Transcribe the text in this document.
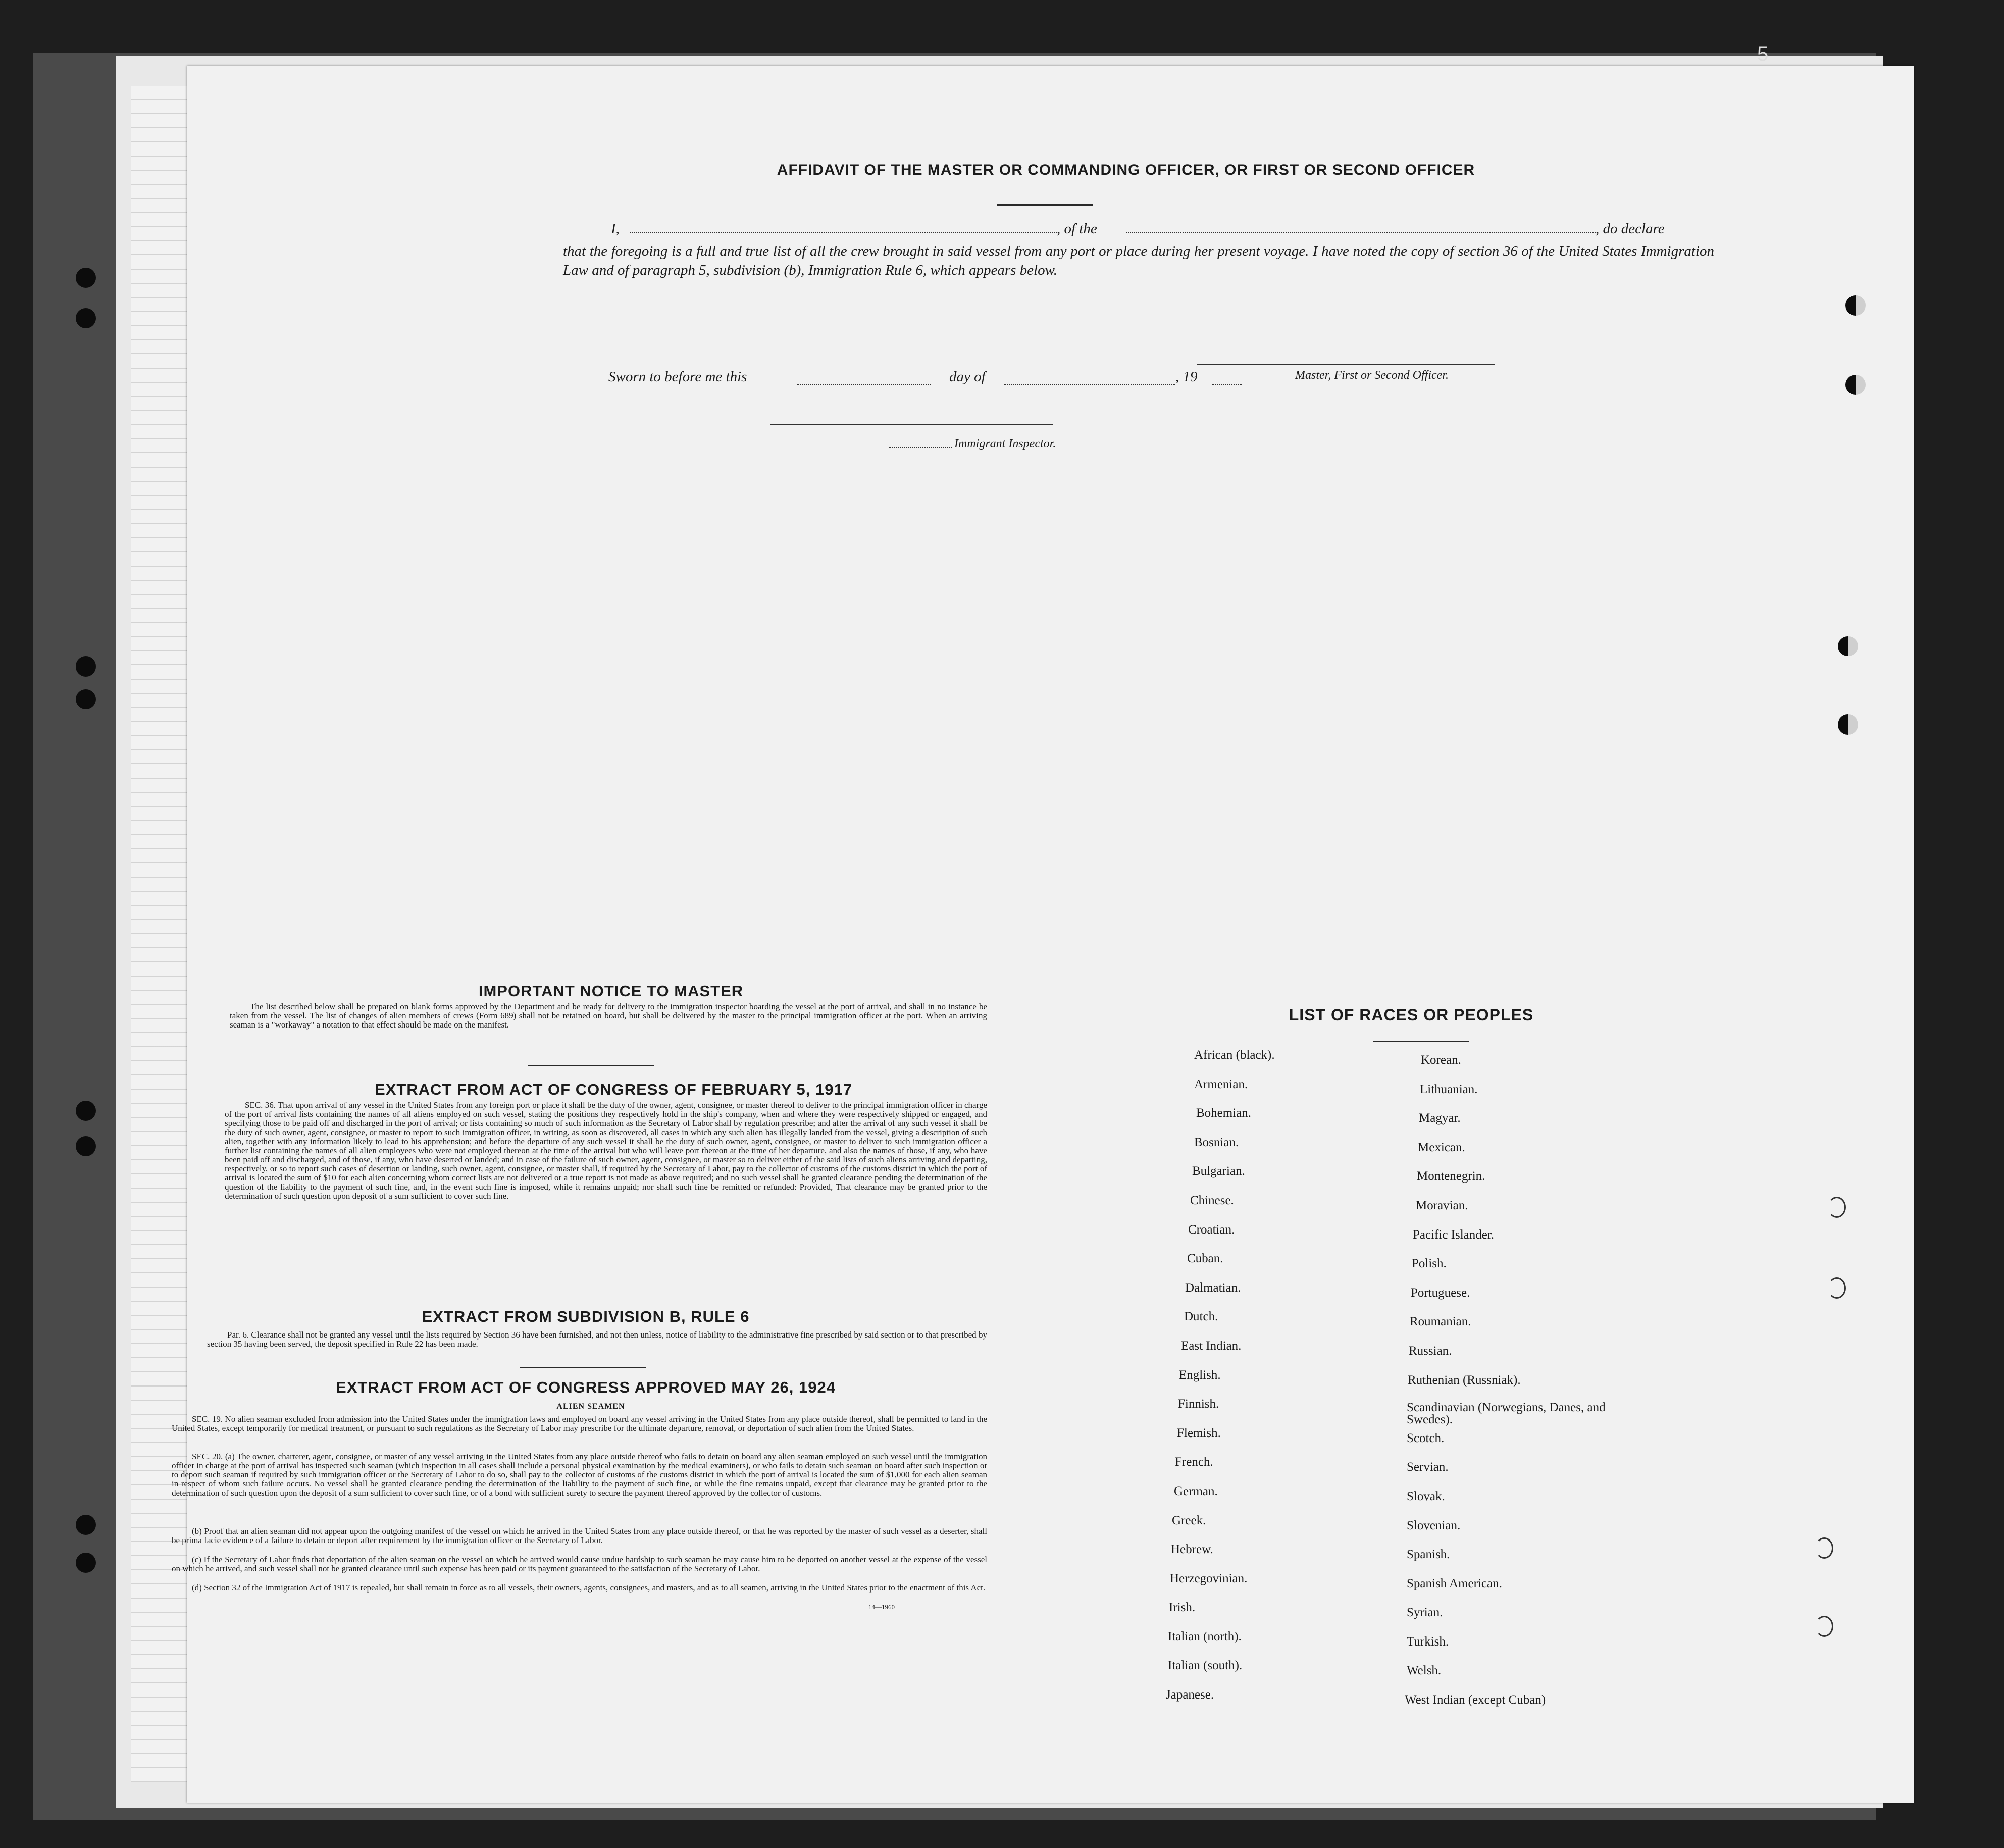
5
AFFIDAVIT OF THE MASTER OR COMMANDING OFFICER, OR FIRST OR SECOND OFFICER
I,	, of the	, do declare
that the foregoing is a full and true list of all the crew brought in said vessel from any port or place during her present voyage. I have noted the copy of section 36 of the United States Immigration Law and of paragraph 5, subdivision (b), Immigration Rule 6, which appears below.
Master, First or Second Officer.
Sworn to before me this	day of	, 19
Immigrant Inspector.
IMPORTANT NOTICE TO MASTER
The list described below shall be prepared on blank forms approved by the Department and be ready for delivery to the immigration inspector boarding the vessel at the port of arrival, and shall in no instance be taken from the vessel. The list of changes of alien members of crews (Form 689) shall not be retained on board, but shall be delivered by the master to the principal immigration officer at the port. When an arriving seaman is a "workaway" a notation to that effect should be made on the manifest.
EXTRACT FROM ACT OF CONGRESS OF FEBRUARY 5, 1917
SEC. 36. That upon arrival of any vessel in the United States from any foreign port or place it shall be the duty of the owner, agent, consignee, or master thereof to deliver to the principal immigration officer in charge of the port of arrival lists containing the names of all aliens employed on such vessel, stating the positions they respectively hold in the ship's company, when and where they were respectively shipped or engaged, and specifying those to be paid off and discharged in the port of arrival; or lists containing so much of such information as the Secretary of Labor shall by regulation prescribe; and after the arrival of any such vessel it shall be the duty of such owner, agent, consignee, or master to report to such immigration officer, in writing, as soon as discovered, all cases in which any such alien has illegally landed from the vessel, giving a description of such alien, together with any information likely to lead to his apprehension; and before the departure of any such vessel it shall be the duty of such owner, agent, consignee, or master to deliver to such immigration officer a further list containing the names of all alien employees who were not employed thereon at the time of the arrival but who will leave port thereon at the time of her departure, and also the names of those, if any, who have been paid off and discharged, and of those, if any, who have deserted or landed; and in case of the failure of such owner, agent, consignee, or master so to deliver either of the said lists of such aliens arriving and departing, respectively, or so to report such cases of desertion or landing, such owner, agent, consignee, or master shall, if required by the Secretary of Labor, pay to the collector of customs of the customs district in which the port of arrival is located the sum of $10 for each alien concerning whom correct lists are not delivered or a true report is not made as above required; and no such vessel shall be granted clearance pending the determination of the question of the liability to the payment of such fine, and, in the event such fine is imposed, while it remains unpaid; nor shall such fine be remitted or refunded: Provided, That clearance may be granted prior to the determination of such question upon deposit of a sum sufficient to cover such fine.
EXTRACT FROM SUBDIVISION B, RULE 6
Par. 6. Clearance shall not be granted any vessel until the lists required by Section 36 have been furnished, and not then unless, notice of liability to the administrative fine prescribed by said section or to that prescribed by section 35 having been served, the deposit specified in Rule 22 has been made.
EXTRACT FROM ACT OF CONGRESS APPROVED MAY 26, 1924
ALIEN SEAMEN
SEC. 19. No alien seaman excluded from admission into the United States under the immigration laws and employed on board any vessel arriving in the United States from any place outside thereof, shall be permitted to land in the United States, except temporarily for medical treatment, or pursuant to such regulations as the Secretary of Labor may prescribe for the ultimate departure, removal, or deportation of such alien from the United States.
SEC. 20. (a) The owner, charterer, agent, consignee, or master of any vessel arriving in the United States from any place outside thereof who fails to detain on board any alien seaman employed on such vessel until the immigration officer in charge at the port of arrival has inspected such seaman (which inspection in all cases shall include a personal physical examination by the medical examiners), or who fails to detain such seaman on board after such inspection or to deport such seaman if required by such immigration officer or the Secretary of Labor to do so, shall pay to the collector of customs of the customs district in which the port of arrival is located the sum of $1,000 for each alien seaman in respect of whom such failure occurs. No vessel shall be granted clearance pending the determination of the liability to the payment of such fine, or while the fine remains unpaid, except that clearance may be granted prior to the determination of such question upon the deposit of a sum sufficient to cover such fine, or of a bond with sufficient surety to secure the payment thereof approved by the collector of customs.
(b) Proof that an alien seaman did not appear upon the outgoing manifest of the vessel on which he arrived in the United States from any place outside thereof, or that he was reported by the master of such vessel as a deserter, shall be prima facie evidence of a failure to detain or deport after requirement by the immigration officer or the Secretary of Labor.
(c) If the Secretary of Labor finds that deportation of the alien seaman on the vessel on which he arrived would cause undue hardship to such seaman he may cause him to be deported on another vessel at the expense of the vessel on which he arrived, and such vessel shall not be granted clearance until such expense has been paid or its payment guaranteed to the satisfaction of the Secretary of Labor.
(d) Section 32 of the Immigration Act of 1917 is repealed, but shall remain in force as to all vessels, their owners, agents, consignees, and masters, and as to all seamen, arriving in the United States prior to the enactment of this Act.
14—1960
LIST OF RACES OR PEOPLES
African (black).
Armenian.
Bohemian.
Bosnian.
Bulgarian.
Chinese.
Croatian.
Cuban.
Dalmatian.
Dutch.
East Indian.
English.
Finnish.
Flemish.
French.
German.
Greek.
Hebrew.
Herzegovinian.
Irish.
Italian (north).
Italian (south).
Japanese.
Korean.
Lithuanian.
Magyar.
Mexican.
Montenegrin.
Moravian.
Pacific Islander.
Polish.
Portuguese.
Roumanian.
Russian.
Ruthenian (Russniak).
Scandinavian (Norwegians, Danes, and Swedes).
Scotch.
Servian.
Slovak.
Slovenian.
Spanish.
Spanish American.
Syrian.
Turkish.
Welsh.
West Indian (except Cuban)
